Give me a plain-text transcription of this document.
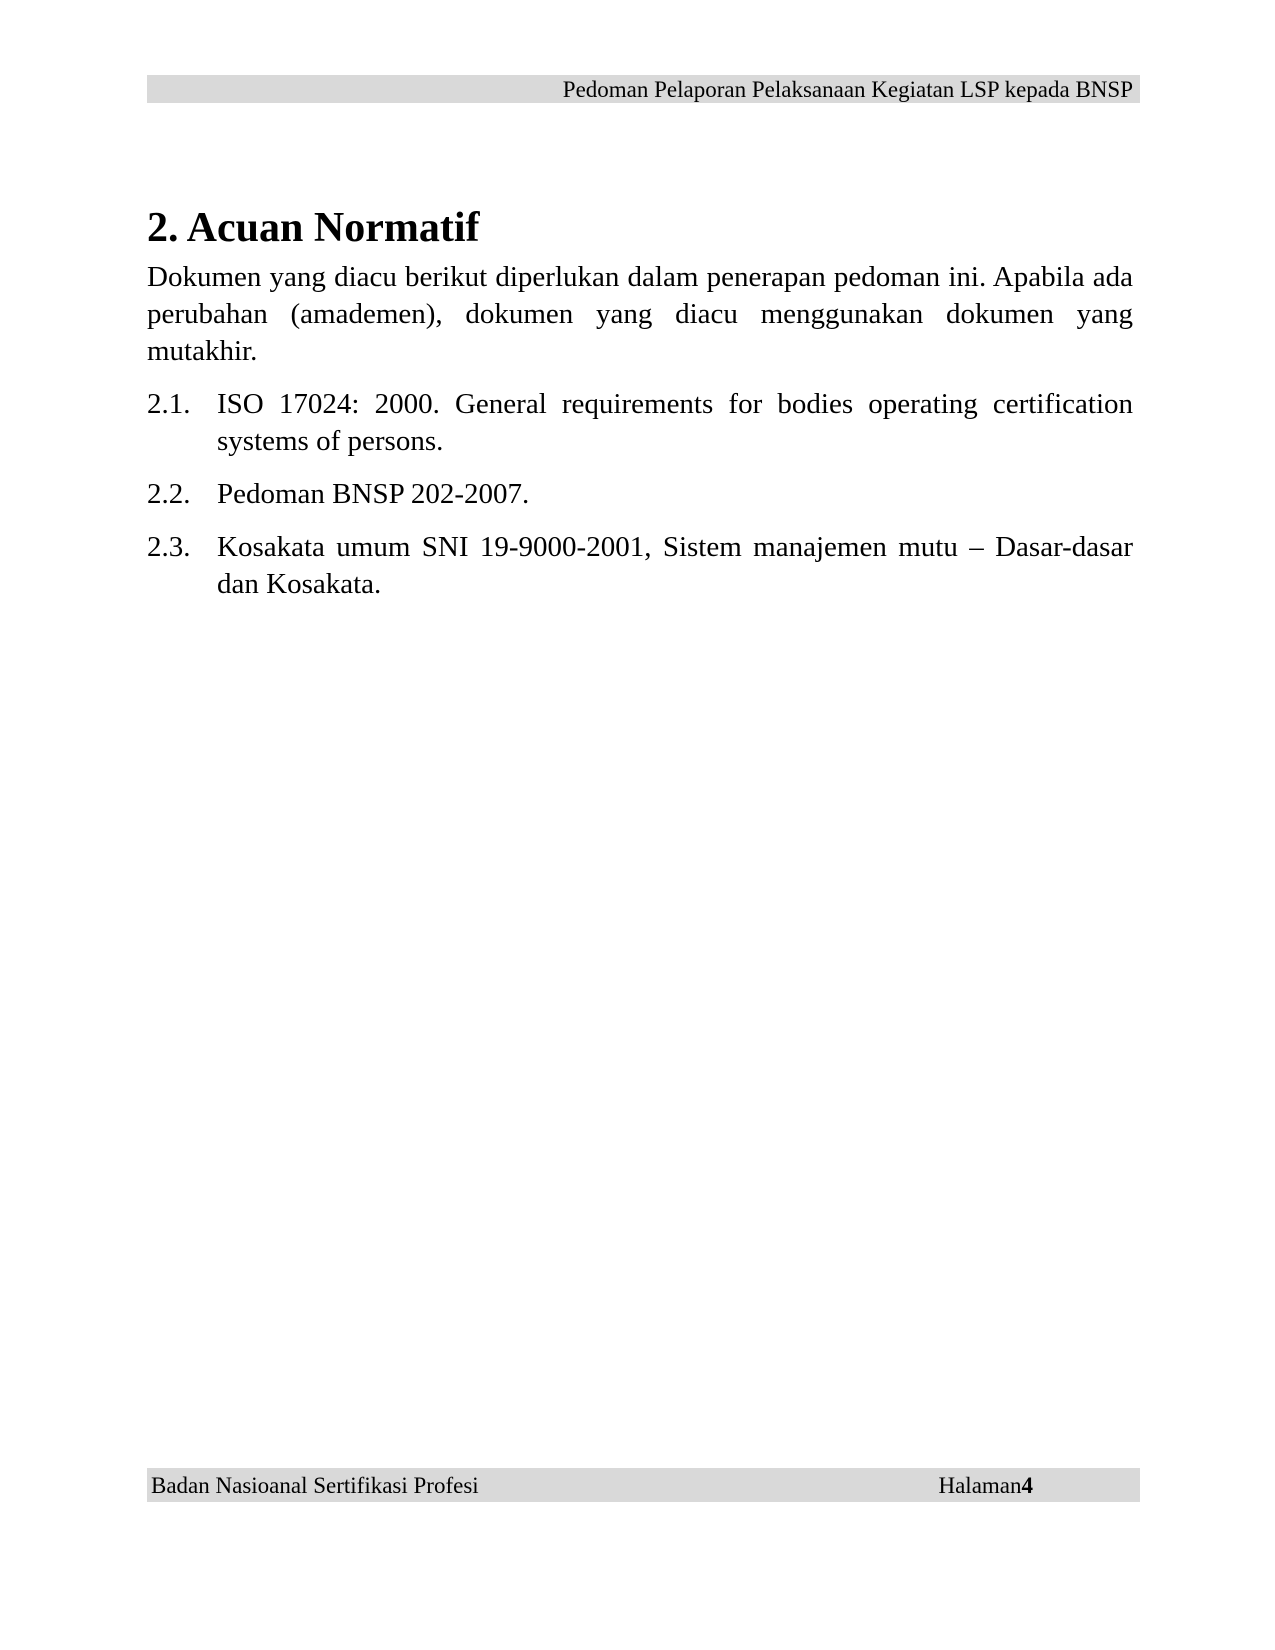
Pedoman Pelaporan Pelaksanaan Kegiatan LSP kepada BNSP
2. Acuan Normatif

Dokumen yang diacu berikut diperlukan dalam penerapan pedoman ini. Apabila ada perubahan (amademen), dokumen yang diacu menggunakan dokumen yang mutakhir.

2.1. ISO 17024: 2000. General requirements for bodies operating certification systems of persons.
2.2. Pedoman BNSP 202-2007.
2.3. Kosakata umum SNI 19-9000-2001, Sistem manajemen mutu – Dasar-dasar dan Kosakata.
Badan Nasioanal Sertifikasi Profesi	Halaman4
